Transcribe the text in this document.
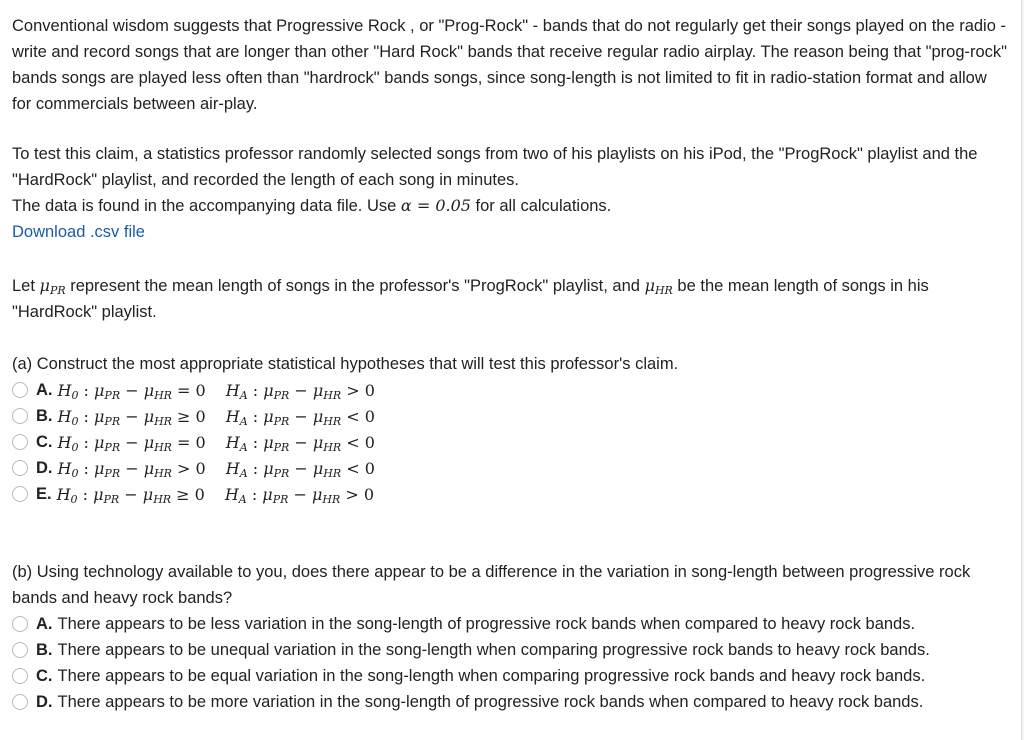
Conventional wisdom suggests that Progressive Rock , or "Prog-Rock" - bands that do not regularly get their songs played on the radio - write and record songs that are longer than other "Hard Rock" bands that receive regular radio airplay. The reason being that "prog-rock" bands songs are played less often than "hardrock" bands songs, since song-length is not limited to fit in radio-station format and allow for commercials between air-play.

To test this claim, a statistics professor randomly selected songs from two of his playlists on his iPod, the "ProgRock" playlist and the "HardRock" playlist, and recorded the length of each song in minutes.

The data is found in the accompanying data file. Use α = 0.05 for all calculations.

Download .csv file

Let $\mu_{PR}$ represent the mean length of songs in the professor's "ProgRock" playlist, and $\mu_{HR}$ be the mean length of songs in his "HardRock" playlist.

(a) Construct the most appropriate statistical hypotheses that will test this professor's claim.

A. $H_0$ : $\mu_{PR} - \mu_{HR} = 0$ $H_A$ : $\mu_{PR} - \mu_{HR} > 0$
B. $H_0$ : $\mu_{PR} - \mu_{HR} \ge 0$ $H_A$ : $\mu_{PR} - \mu_{HR} < 0$
C. $H_0$ : $\mu_{PR} - \mu_{HR} = 0$ $H_A$ : $\mu_{PR} - \mu_{HR} < 0$
D. $H_0$ : $\mu_{PR} - \mu_{HR} > 0$ $H_A$ : $\mu_{PR} - \mu_{HR} < 0$
E. $H_0$ : $\mu_{PR} - \mu_{HR} \ge 0$ $H_A$ : $\mu_{PR} - \mu_{HR} > 0$

(b) Using technology available to you, does there appear to be a difference in the variation in song-length between progressive rock bands and heavy rock bands?

A. There appears to be less variation in the song-length of progressive rock bands when compared to heavy rock bands.
B. There appears to be unequal variation in the song-length when comparing progressive rock bands to heavy rock bands.
C. There appears to be equal variation in the song-length when comparing progressive rock bands and heavy rock bands.
D. There appears to be more variation in the song-length of progressive rock bands when compared to heavy rock bands.
